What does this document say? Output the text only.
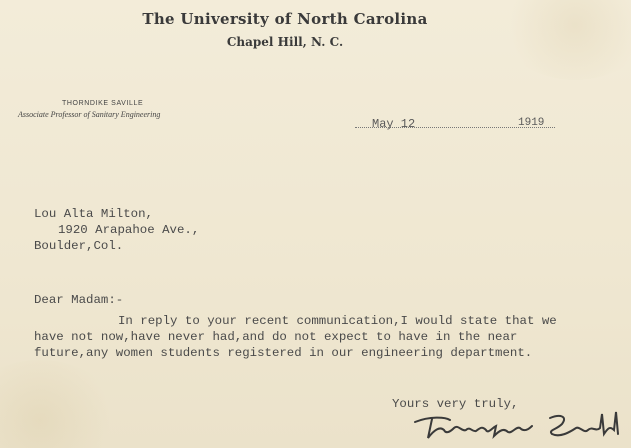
The University of North Carolina
Chapel Hill, N. C.
THORNDIKE SAVILLE
Associate Professor of Sanitary Engineering
May 12	1919
Lou Alta Milton,
1920 Arapahoe Ave.,
Boulder,Col.
Dear Madam:-
In reply to your recent communication,I would state that we
have not now,have never had,and do not expect to have in the near
future,any women students registered in our engineering department.
Yours very truly,
